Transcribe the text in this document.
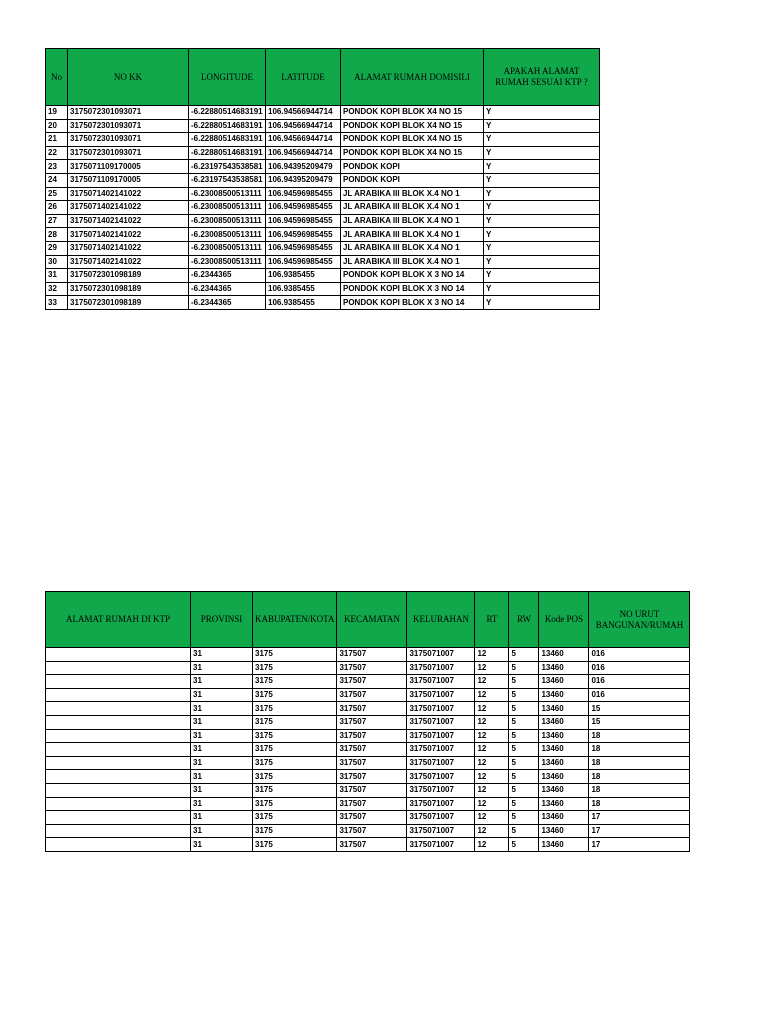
No	NO KK	LONGITUDE	LATITUDE	ALAMAT RUMAH DOMISILI	APAKAH ALAMAT RUMAH SESUAI KTP ?
19	3175072301093071	-6.22880514683191	106.94566944714	PONDOK KOPI BLOK X4 NO 15	Y
20	3175072301093071	-6.22880514683191	106.94566944714	PONDOK KOPI BLOK X4 NO 15	Y
21	3175072301093071	-6.22880514683191	106.94566944714	PONDOK KOPI BLOK X4 NO 15	Y
22	3175072301093071	-6.22880514683191	106.94566944714	PONDOK KOPI BLOK X4 NO 15	Y
23	3175071109170005	-6.23197543538581	106.94395209479	PONDOK KOPI	Y
24	3175071109170005	-6.23197543538581	106.94395209479	PONDOK KOPI	Y
25	3175071402141022	-6.23008500513111	106.94596985455	JL ARABIKA III BLOK X.4 NO 1	Y
26	3175071402141022	-6.23008500513111	106.94596985455	JL ARABIKA III BLOK X.4 NO 1	Y
27	3175071402141022	-6.23008500513111	106.94596985455	JL ARABIKA III BLOK X.4 NO 1	Y
28	3175071402141022	-6.23008500513111	106.94596985455	JL ARABIKA III BLOK X.4 NO 1	Y
29	3175071402141022	-6.23008500513111	106.94596985455	JL ARABIKA III BLOK X.4 NO 1	Y
30	3175071402141022	-6.23008500513111	106.94596985455	JL ARABIKA III BLOK X.4 NO 1	Y
31	3175072301098189	-6.2344365	106.9385455	PONDOK KOPI BLOK X 3 NO 14	Y
32	3175072301098189	-6.2344365	106.9385455	PONDOK KOPI BLOK X 3 NO 14	Y
33	3175072301098189	-6.2344365	106.9385455	PONDOK KOPI BLOK X 3 NO 14	Y
ALAMAT RUMAH DI KTP	PROVINSI	KABUPATEN/KOTA	KECAMATAN	KELURAHAN	RT	RW	Kode POS	NO URUT BANGUNAN/RUMAH
	31	3175	317507	3175071007	12	5	13460	016
	31	3175	317507	3175071007	12	5	13460	016
	31	3175	317507	3175071007	12	5	13460	016
	31	3175	317507	3175071007	12	5	13460	016
	31	3175	317507	3175071007	12	5	13460	15
	31	3175	317507	3175071007	12	5	13460	15
	31	3175	317507	3175071007	12	5	13460	18
	31	3175	317507	3175071007	12	5	13460	18
	31	3175	317507	3175071007	12	5	13460	18
	31	3175	317507	3175071007	12	5	13460	18
	31	3175	317507	3175071007	12	5	13460	18
	31	3175	317507	3175071007	12	5	13460	18
	31	3175	317507	3175071007	12	5	13460	17
	31	3175	317507	3175071007	12	5	13460	17
	31	3175	317507	3175071007	12	5	13460	17
